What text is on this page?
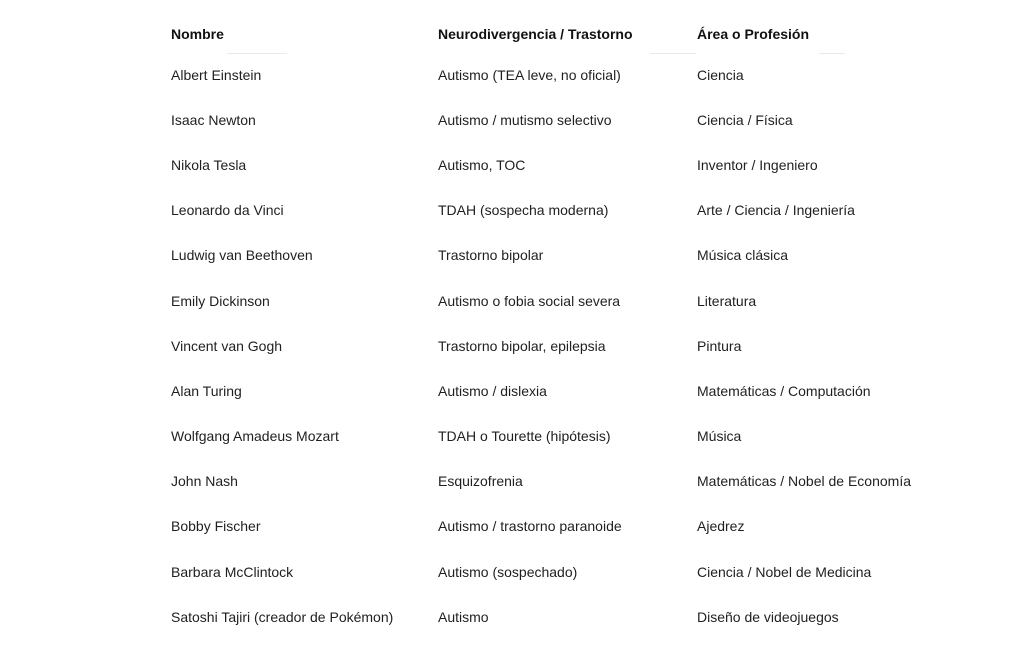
Nombre	Neurodivergencia / Trastorno	Área o Profesión
Albert Einstein	Autismo (TEA leve, no oficial)	Ciencia
Isaac Newton	Autismo / mutismo selectivo	Ciencia / Física
Nikola Tesla	Autismo, TOC	Inventor / Ingeniero
Leonardo da Vinci	TDAH (sospecha moderna)	Arte / Ciencia / Ingeniería
Ludwig van Beethoven	Trastorno bipolar	Música clásica
Emily Dickinson	Autismo o fobia social severa	Literatura
Vincent van Gogh	Trastorno bipolar, epilepsia	Pintura
Alan Turing	Autismo / dislexia	Matemáticas / Computación
Wolfgang Amadeus Mozart	TDAH o Tourette (hipótesis)	Música
John Nash	Esquizofrenia	Matemáticas / Nobel de Economía
Bobby Fischer	Autismo / trastorno paranoide	Ajedrez
Barbara McClintock	Autismo (sospechado)	Ciencia / Nobel de Medicina
Satoshi Tajiri (creador de Pokémon)	Autismo	Diseño de videojuegos
